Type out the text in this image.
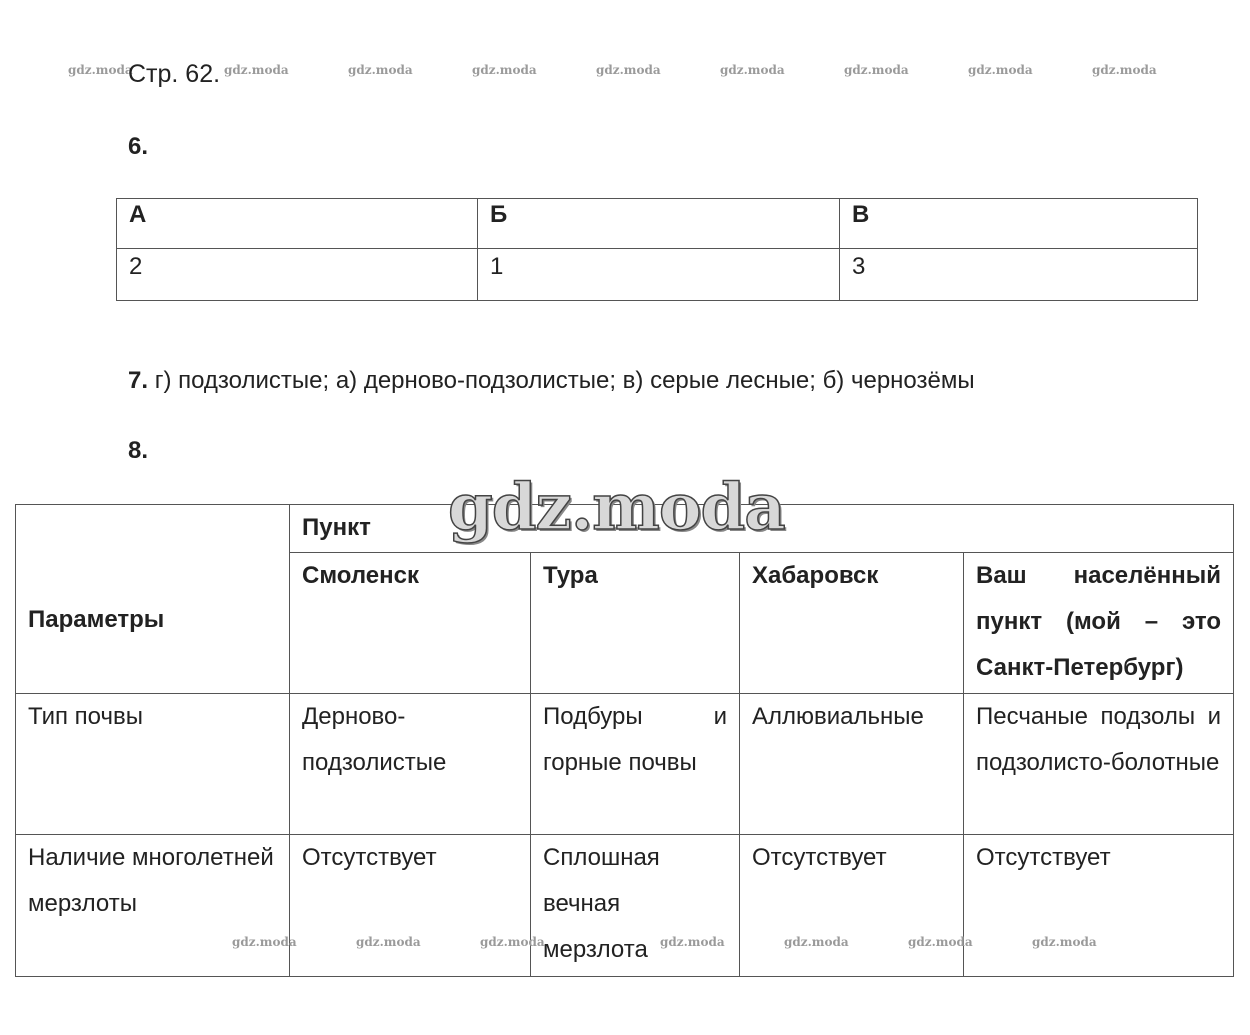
gdz.moda	gdz.moda	gdz.moda	gdz.moda	gdz.moda	gdz.moda	gdz.moda	gdz.moda	gdz.moda
Стр. 62.
6.
А	Б	В
2	1	3
7. г) подзолистые; а) дерново-подзолистые; в) серые лесные; б) чернозёмы
8.
Параметры	Пункт			
	Смоленск	Тура	Хабаровск	Ваш населённый пункт (мой – это Санкт-Петербург)
Тип почвы	Дерново-подзолистые	Подбуры и горные почвы	Аллювиальные	Песчаные подзолы и подзолисто-болотные
Наличие многолетней мерзлоты	Отсутствует	Сплошная вечная мерзлота	Отсутствует	Отсутствует
gdz.moda
gdz.moda	gdz.moda	gdz.moda	gdz.moda	gdz.moda	gdz.moda	gdz.moda
